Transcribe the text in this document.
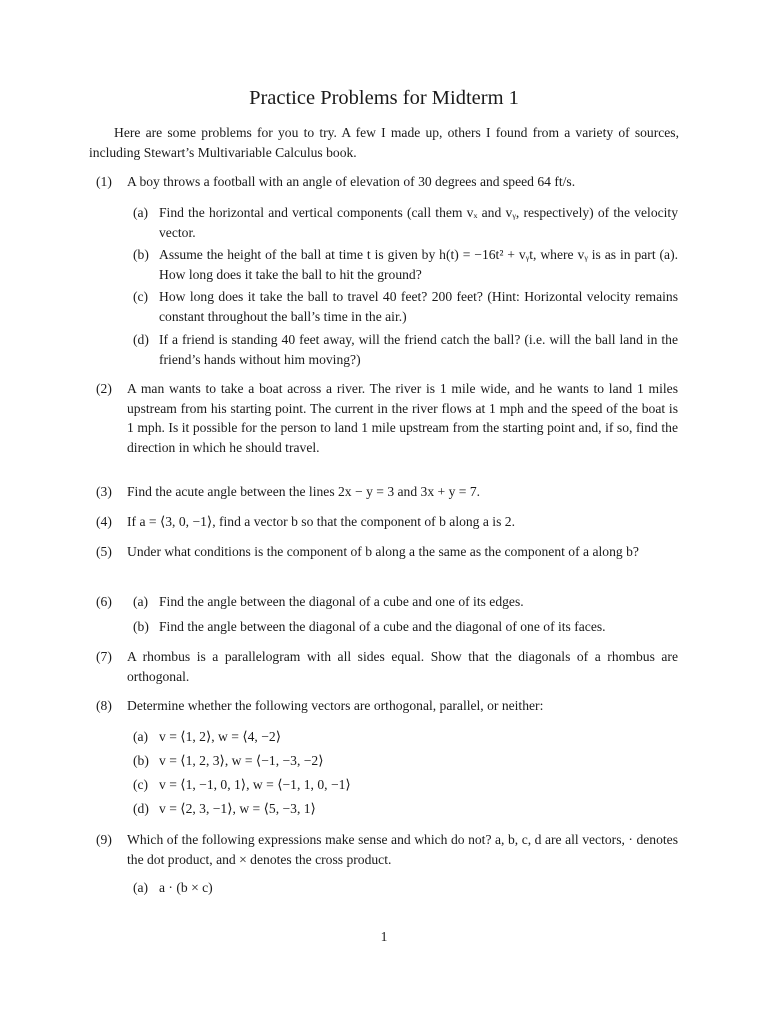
Practice Problems for Midterm 1
Here are some problems for you to try. A few I made up, others I found from a variety of sources, including Stewart’s Multivariable Calculus book.
(1) A boy throws a football with an angle of elevation of 30 degrees and speed 64 ft/s.
(a) Find the horizontal and vertical components (call them vₓ and vᵧ, respectively) of the velocity vector.
(b) Assume the height of the ball at time t is given by h(t) = −16t² + vᵧt, where vᵧ is as in part (a). How long does it take the ball to hit the ground?
(c) How long does it take the ball to travel 40 feet? 200 feet? (Hint: Horizontal velocity remains constant throughout the ball’s time in the air.)
(d) If a friend is standing 40 feet away, will the friend catch the ball? (i.e. will the ball land in the friend’s hands without him moving?)
(2) A man wants to take a boat across a river. The river is 1 mile wide, and he wants to land 1 miles upstream from his starting point. The current in the river flows at 1 mph and the speed of the boat is 1 mph. Is it possible for the person to land 1 mile upstream from the starting point and, if so, find the direction in which he should travel.
(3) Find the acute angle between the lines 2x − y = 3 and 3x + y = 7.
(4) If a = ⟨3, 0, −1⟩, find a vector b so that the component of b along a is 2.
(5) Under what conditions is the component of b along a the same as the component of a along b?
(6) (a) Find the angle between the diagonal of a cube and one of its edges.
(b) Find the angle between the diagonal of a cube and the diagonal of one of its faces.
(7) A rhombus is a parallelogram with all sides equal. Show that the diagonals of a rhombus are orthogonal.
(8) Determine whether the following vectors are orthogonal, parallel, or neither:
(a) v = ⟨1, 2⟩, w = ⟨4, −2⟩
(b) v = ⟨1, 2, 3⟩, w = ⟨−1, −3, −2⟩
(c) v = ⟨1, −1, 0, 1⟩, w = ⟨−1, 1, 0, −1⟩
(d) v = ⟨2, 3, −1⟩, w = ⟨5, −3, 1⟩
(9) Which of the following expressions make sense and which do not? a, b, c, d are all vectors, · denotes the dot product, and × denotes the cross product.
(a) a · (b × c)
1
